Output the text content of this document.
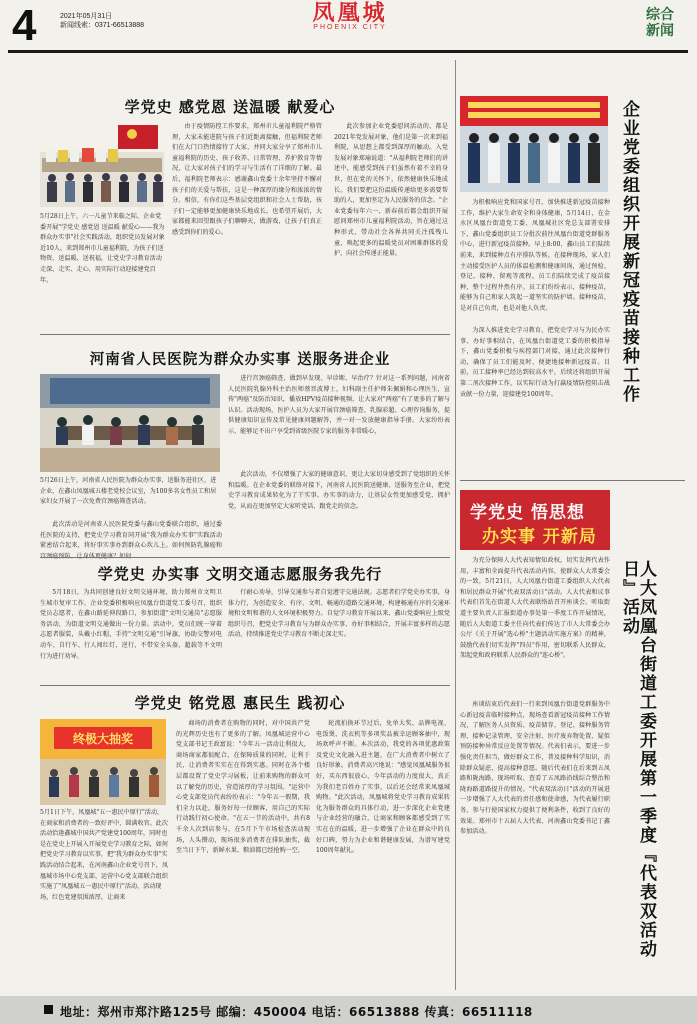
4	2021年05月31日
新闻线索：0371-66513888
凤凰城
PHOENIX CITY
综合新闻
学党史 感党恩 送温暖 献爱心
5月28日上午，六一儿童节来临之际，企业党委开展"学党史 感党恩 送温暖 献爱心——我为群众办实事"社会实践活动，组织党员发展对象近10人，来到郑州市儿童福利院，为孩子们送物资、送温暖、送祝福，让党史学习教育活动走深、走实、走心，用实际行动迎接建党百年。

由于疫情防控工作要求，郑州市儿童福利院严格管理，大家未能进院与孩子们近距离接触，但福利院老师们在大门口热情接待了大家，并同大家分享了郑州市儿童福利院的历史、孩子收养、日常管理、养护教育等情况，让大家对孩子们的学习与生活有了详细的了解。最后，福利院老师表示：感谢鑫山党委十余年坚持不懈对孩子们的关爱与帮扶，这是一种深厚的缘分和浓浓的情分。相信，有你们这些基层党组织和社会人士帮助，孩子们一定能够更加健康快乐地成长。也希望开展后，大家都能来回望跟孩子们聊聊天，做游戏，让孩子们真正感受到你们的爱心。

此次参加企业党委慰问活动的、都是2021年党发展对象，他们是第一次来到福利院，从思想上都受到深厚的触动。入党发展对象郑瑜说道："从福利院老师们的讲述中，能感受到孩子们虽然有着不幸的身世，但在党的关怀下，依然健康快乐地成长。我们要把这份温暖传递给更多需要帮助的人，更加坚定为人民服务的信念。"企业党委每年六一、新春前后都会组织开展慰问郑州市儿童福利院活动，旨在通过这种形式，带动社会各界共同关注孤残儿童，唤起更多的温暖党员对困难群体的爱护，向社会传递正能量。

河南省人民医院为群众办实事 送服务进企业
5月26日上午，河南省人民医院为群众办实事，送服务进社区，进企业，在鑫山凤凰城五楼老党校会议室，为100多名女性员工和居家妇女开展了一次免费宫颈癌筛查活动。

此次活动是河南省人民医院党委与鑫山党委联合组织，通过委托医院的支持，把党史学习教育同开展"我为群众办实事"实践活动紧密结合起来，将好事实事办到群众心坎儿上。如何预防乳腺癌和

进行宫颈癌筛查，做到早发现、早诊断、早治疗？针对这一系列问题，河南省人民医院乳腺外科主治医师蔡晋波博士，妇科副主任护师朱佩娟和心理医生，宣传"两癌"及防治知识，播放HPV疫苗接种视频，让大家对"两癌"有了更多的了解与认识。活动现场，医护人员为大家开展宫颈癌筛查、乳腺彩超、心理咨询服务，提供健康知识宣传及常见健康问题解答，并一对一发放健康指导手册。大家纷纷表示，能够足不出户享受到省级医院专家的服务非常暖心，

此次活动，不仅增强了大家的健康意识，更让大家切身感受到了党组织的关怀和温暖。在企业党委的联络对接下，河南省人民医院送健康、送服务至企业，把党史学习教育成果转化为了干实事、办实事的动力，让基层女性更加感受党、拥护党，从而在更加坚定大家听党话、跟党走的信念。

学党史 办实事 文明交通志愿服务我先行

5月18日，为共同创建良好文明交通环境，助力郑州市文明卫生城市复审工作，企业党委积极响应凤凰台街道党工委号召，组织党员志愿者，在鑫山路延伸段路口，参加街道"文明交通岗"志愿服务活动，为街道文明交通做出一份力量。活动中，党员们统一穿着志愿者服装，头戴小红帽，手持"文明交通"引导旗，协助交警对电动车、自行车、行人闯红灯、逆行、不带安全头盔、超载等不文明行为进行劝导。

行耐心劝导，引导交通参与者自觉遵守交通法规。志愿者们学党史办实事，身体力行，为创造安全、有序、文明、畅通的道路交通环境，构建畅通有序的交通环境和文明和谐的人文环境积极努力。自觉学习教育开展以来，鑫山党委响应上级党组织号召，把党史学习教育与为群众办实事、办好事相结合，开展丰富多样的志愿活动，持续推进党史学习教育不断走深走实。

学党史 铭党恩 惠民生 践初心
终极大抽奖
5月1日下午，凤凰城"五一惠民中原行"活动，在商家和消费者的一致好评中，圆满收官。此次活动恰逢鑫城中国共产党建党100周年，同时也是在党史上开展入开展党史学习教育之际，如何把党史学习教育以实事，把"我为群众办实事"实践活动结合起来，在河南鑫山企业党号召下，凤凰城市场中心党支部、运营中心党支部联合组织实施了"凤凰城五一惠民中原行"活动，活动现场，红色党建氛围浓厚，让商来

商场的消费者在购物的同时，对中国共产党的光辉历史也有了更多的了解。凤凰城运营中心党支部书记王政富说："今年五一活动让利很大，商场商家都很配合，在保障质量的同时，让利于民，让消费者实实在在得到实惠。同时在各个楼层都设置了党史学习展板，让前来购物的群众可以了解党的历史，营造浓厚的学习氛围。"运营中心党支部党员代表纷纷表示："今年五一假期，我们全力以赴，服务好每一位顾客，用自己的实际行动践行初心使命。"在五一节的活动中，共有8千余人次到店参与，在5月下午市场检查活动现场，人头攒动，现场很多消费者在排队抽奖，截至当日下午，新鲜水果、粮油都已经抢购一空，

轮流拍换环节过后，免单大奖、品牌电视、电饭煲、洗衣机等多项奖品被幸运顾客抽中，现场欢呼声不断。本次活动，我党的各项优惠政策及党史文化融入进主题，在广大消费者中树立了良好形象。消费者高兴地说："感觉凤凰城服务很好，买东西很放心，今年活动的力度很大，真正为我们老百姓办了实事，以后还会经常来凤凰城购物。"此次活动，凤凰城将党史学习教育成果转化为服务群众的具体行动，进一步深化企业党建与企业经营的融合，让商家和顾客都感受到了实实在在的温暖，进一步增强了企业在群众中的良好口碑，努力为企业和谐健康发展，为谱写建党100周年献礼。

企业党委组织开展新冠疫苗接种工作

为积极响应党和国家号召，加快推进新冠疫苗接种工作，维护大家生命安全和身体健康，5月14日，在金水区凤凰台街道党工委、凤凰城社区党总支部署安排下，鑫山党委组织员工分批次前往凤凰台街道党群服务中心，进行新冠疫苗接种。早上8:00，鑫山员工们陆续前来，来到接种点有序排队等候。在接种现场，家人们主动接受医护人员的体温检测和健康问询，通过预检、登记、接种、留观等流程，员工们陆续完成了疫苗接种，整个过程井然有序。员工们纷纷表示，接种疫苗，能够为自己和家人筑起一道坚实的防护墙。接种疫苗，是对自己负责，也是对他人负责。

为深入推进党史学习教育，把党史学习与为民办实事、办好事相结合，在凤凰台街道党工委的积极指导下，鑫山党委积极与疾控部门对接，通过此次接种行动，确保了员工们能及时、便捷地接种新冠疫苗。目前，员工接种率已经达到较高水平，后续还将组织开展第二剂次接种工作，以实际行动为打赢疫情防控阻击战贡献一份力量，迎接建党100周年。

学党史 悟思想
办实事 开新局
人大凤凰台街道工委开展第一季度『代表双活动日』活动

为充分保障人大代表知情知政权，切实发挥代表作用，丰富和全面提升代表活动内容，使群众人大常委会的一致，5月21日，人大凤凰台街道工委组织人大代表和居民群众开展"代表双活动日"活动。人大代表和议事代表们首先在街道人大代表联络站召开座谈会。听取街道主要负责人汇报街道办事处第一季度工作开展情况，随后人大街道工委主任向代表们传达了市人大常委会办公厅《关于开展"选心桥"主题活动实施方案》的精神，鼓励代表们切实发挥"四员"作用，密切联系人民群众，架起党和政府联系人民群众的"连心桥"。

座谈结束后代表们一行来到凤凰台街道党群服务中心新冠疫苗临时接种点，现场查看新冠疫苗接种工作情况，了解医务人员资质、疫苗储存、登记、接种服务管理、接种记录管理、安全注射、医疗废弃物处置、疑似预防接种异常反应处置等情况。代表们表示，要进一步强化责任担当，做好群众工作，普及接种科学知识，消除群众疑虑，提高接种意愿。随后代表们在后来到五凤路和陇海路，现场听取、查看了五凤路沿线综合整治和陇海路道路提升的情况。"代表双活动日"活动的开展进一步增强了人大代表的责任感和使命感，为代表履行职务，参与行使国家权力提供了便利条件，收到了良好的效果。郑州市十五届人大代表、河南鑫山党委书记丁鑫参加活动。

地址：郑州市郑汴路125号 邮编：450004 电话：66513888 传真：66511118
